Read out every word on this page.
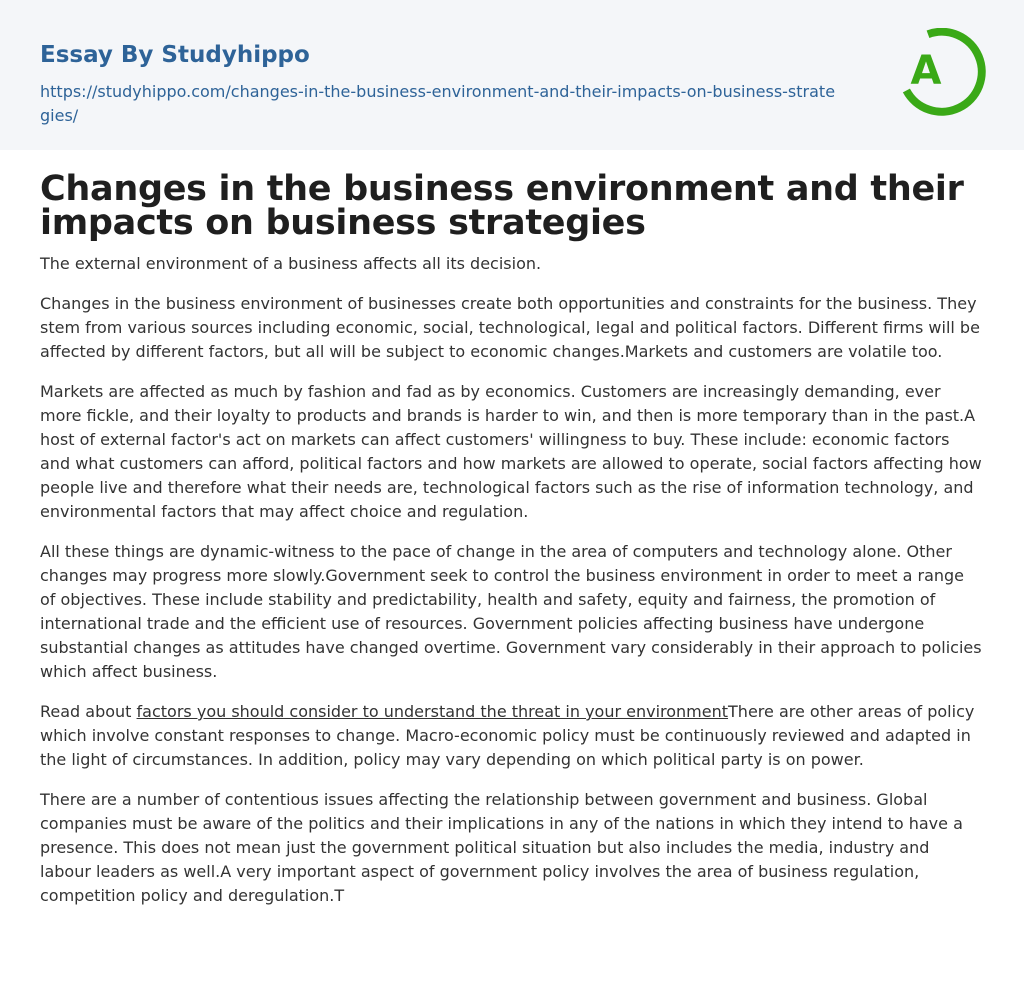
Essay By Studyhippo
https://studyhippo.com/changes-in-the-business-environment-and-their-impacts-on-business-strategies/
A
Changes in the business environment and their impacts on business strategies

The external environment of a business affects all its decision.

Changes in the business environment of businesses create both opportunities and constraints for the business. They stem from various sources including economic, social, technological, legal and political factors. Different firms will be affected by different factors, but all will be subject to economic changes.Markets and customers are volatile too.

Markets are affected as much by fashion and fad as by economics. Customers are increasingly demanding, ever more fickle, and their loyalty to products and brands is harder to win, and then is more temporary than in the past.A host of external factor's act on markets can affect customers' willingness to buy. These include: economic factors and what customers can afford, political factors and how markets are allowed to operate, social factors affecting how people live and therefore what their needs are, technological factors such as the rise of information technology, and environmental factors that may affect choice and regulation.

All these things are dynamic-witness to the pace of change in the area of computers and technology alone. Other changes may progress more slowly.Government seek to control the business environment in order to meet a range of objectives. These include stability and predictability, health and safety, equity and fairness, the promotion of international trade and the efficient use of resources. Government policies affecting business have undergone substantial changes as attitudes have changed overtime. Government vary considerably in their approach to policies which affect business.

Read about factors you should consider to understand the threat in your environmentThere are other areas of policy which involve constant responses to change. Macro-economic policy must be continuously reviewed and adapted in the light of circumstances. In addition, policy may vary depending on which political party is on power.

There are a number of contentious issues affecting the relationship between government and business. Global companies must be aware of the politics and their implications in any of the nations in which they intend to have a presence. This does not mean just the government political situation but also includes the media, industry and labour leaders as well.A very important aspect of government policy involves the area of business regulation, competition policy and deregulation.T
